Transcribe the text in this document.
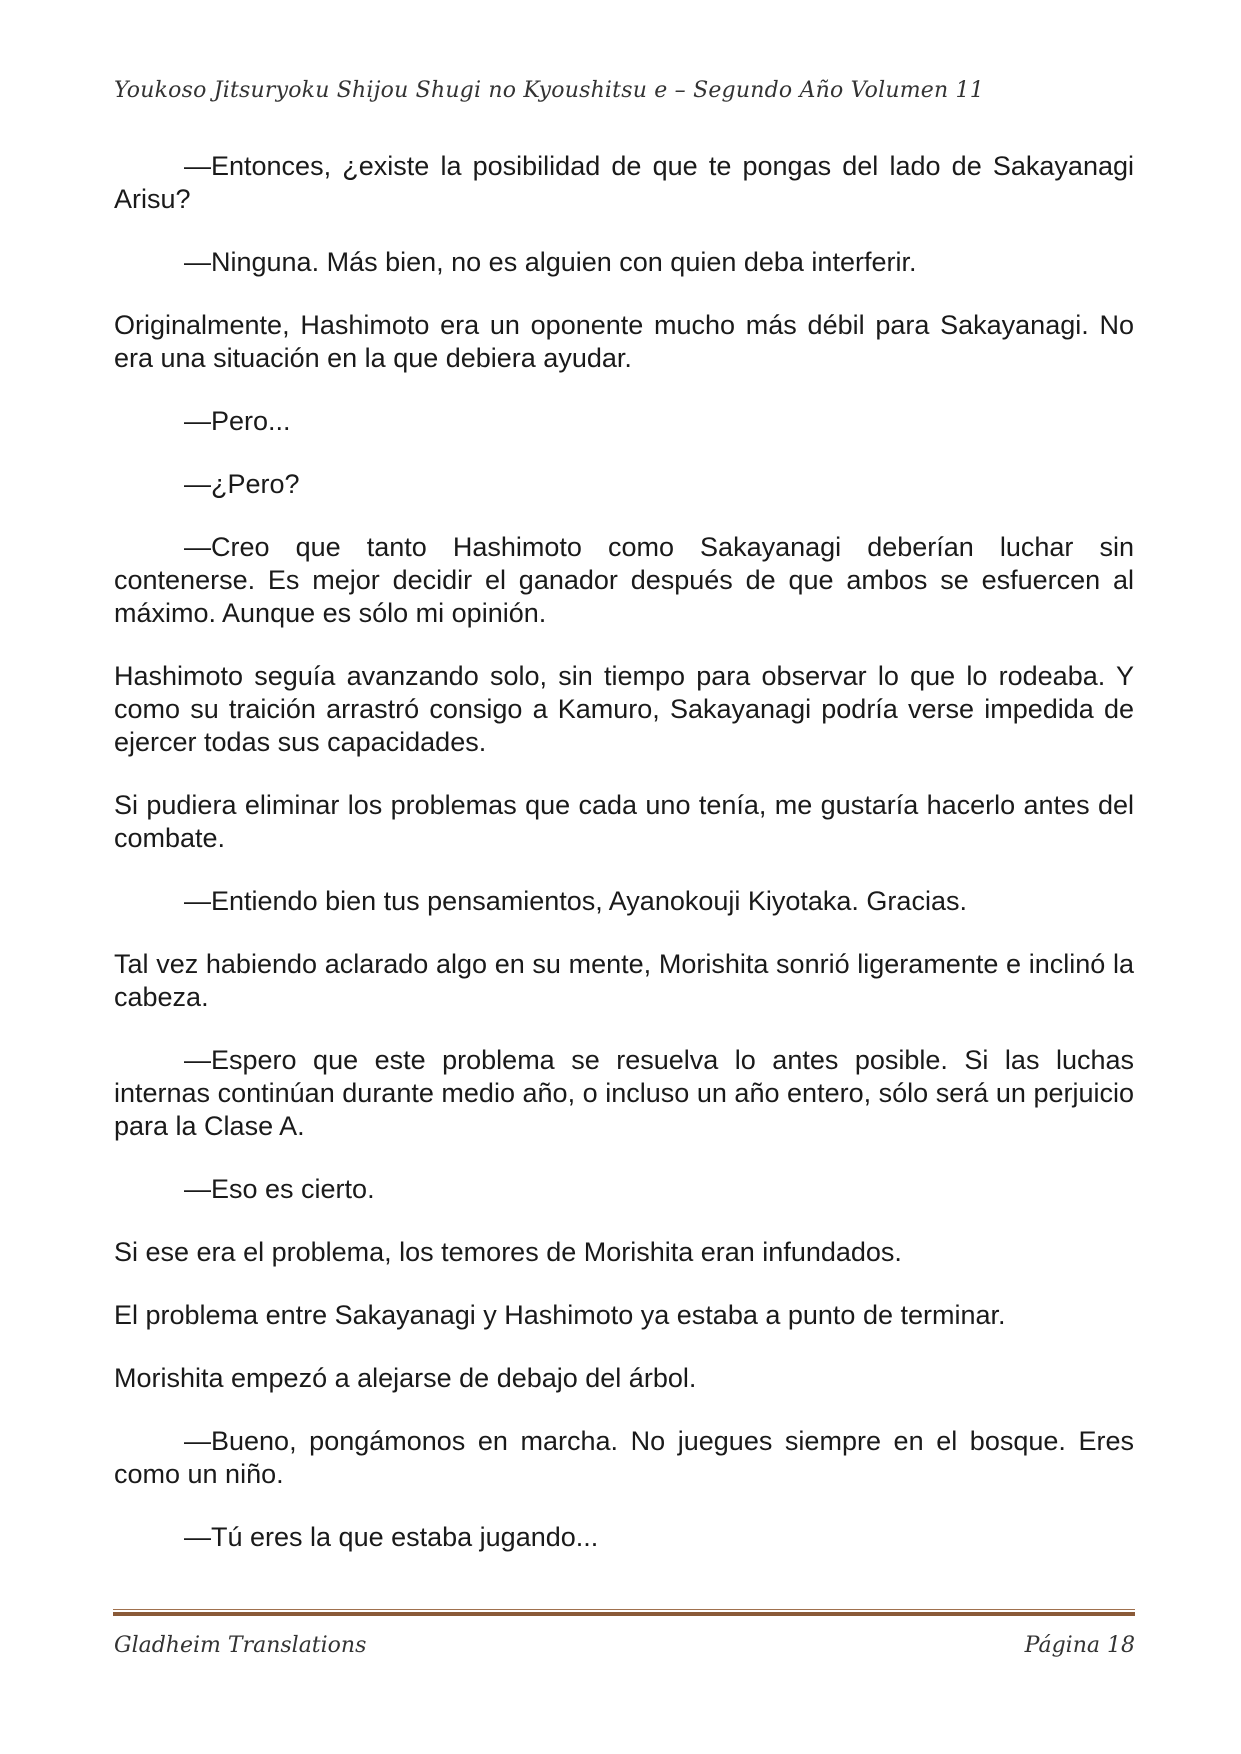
Youkoso Jitsuryoku Shijou Shugi no Kyoushitsu e – Segundo Año Volumen 11

—Entonces, ¿existe la posibilidad de que te pongas del lado de Sakayanagi Arisu?

—Ninguna. Más bien, no es alguien con quien deba interferir.

Originalmente, Hashimoto era un oponente mucho más débil para Sakayanagi. No era una situación en la que debiera ayudar.

—Pero...

—¿Pero?

—Creo que tanto Hashimoto como Sakayanagi deberían luchar sin contenerse. Es mejor decidir el ganador después de que ambos se esfuercen al máximo. Aunque es sólo mi opinión.

Hashimoto seguía avanzando solo, sin tiempo para observar lo que lo rodeaba. Y como su traición arrastró consigo a Kamuro, Sakayanagi podría verse impedida de ejercer todas sus capacidades.

Si pudiera eliminar los problemas que cada uno tenía, me gustaría hacerlo antes del combate.

—Entiendo bien tus pensamientos, Ayanokouji Kiyotaka. Gracias.

Tal vez habiendo aclarado algo en su mente, Morishita sonrió ligeramente e inclinó la cabeza.

—Espero que este problema se resuelva lo antes posible. Si las luchas internas continúan durante medio año, o incluso un año entero, sólo será un perjuicio para la Clase A.

—Eso es cierto.

Si ese era el problema, los temores de Morishita eran infundados.

El problema entre Sakayanagi y Hashimoto ya estaba a punto de terminar.

Morishita empezó a alejarse de debajo del árbol.

—Bueno, pongámonos en marcha. No juegues siempre en el bosque. Eres como un niño.

—Tú eres la que estaba jugando...

Gladheim Translations	Página 18
